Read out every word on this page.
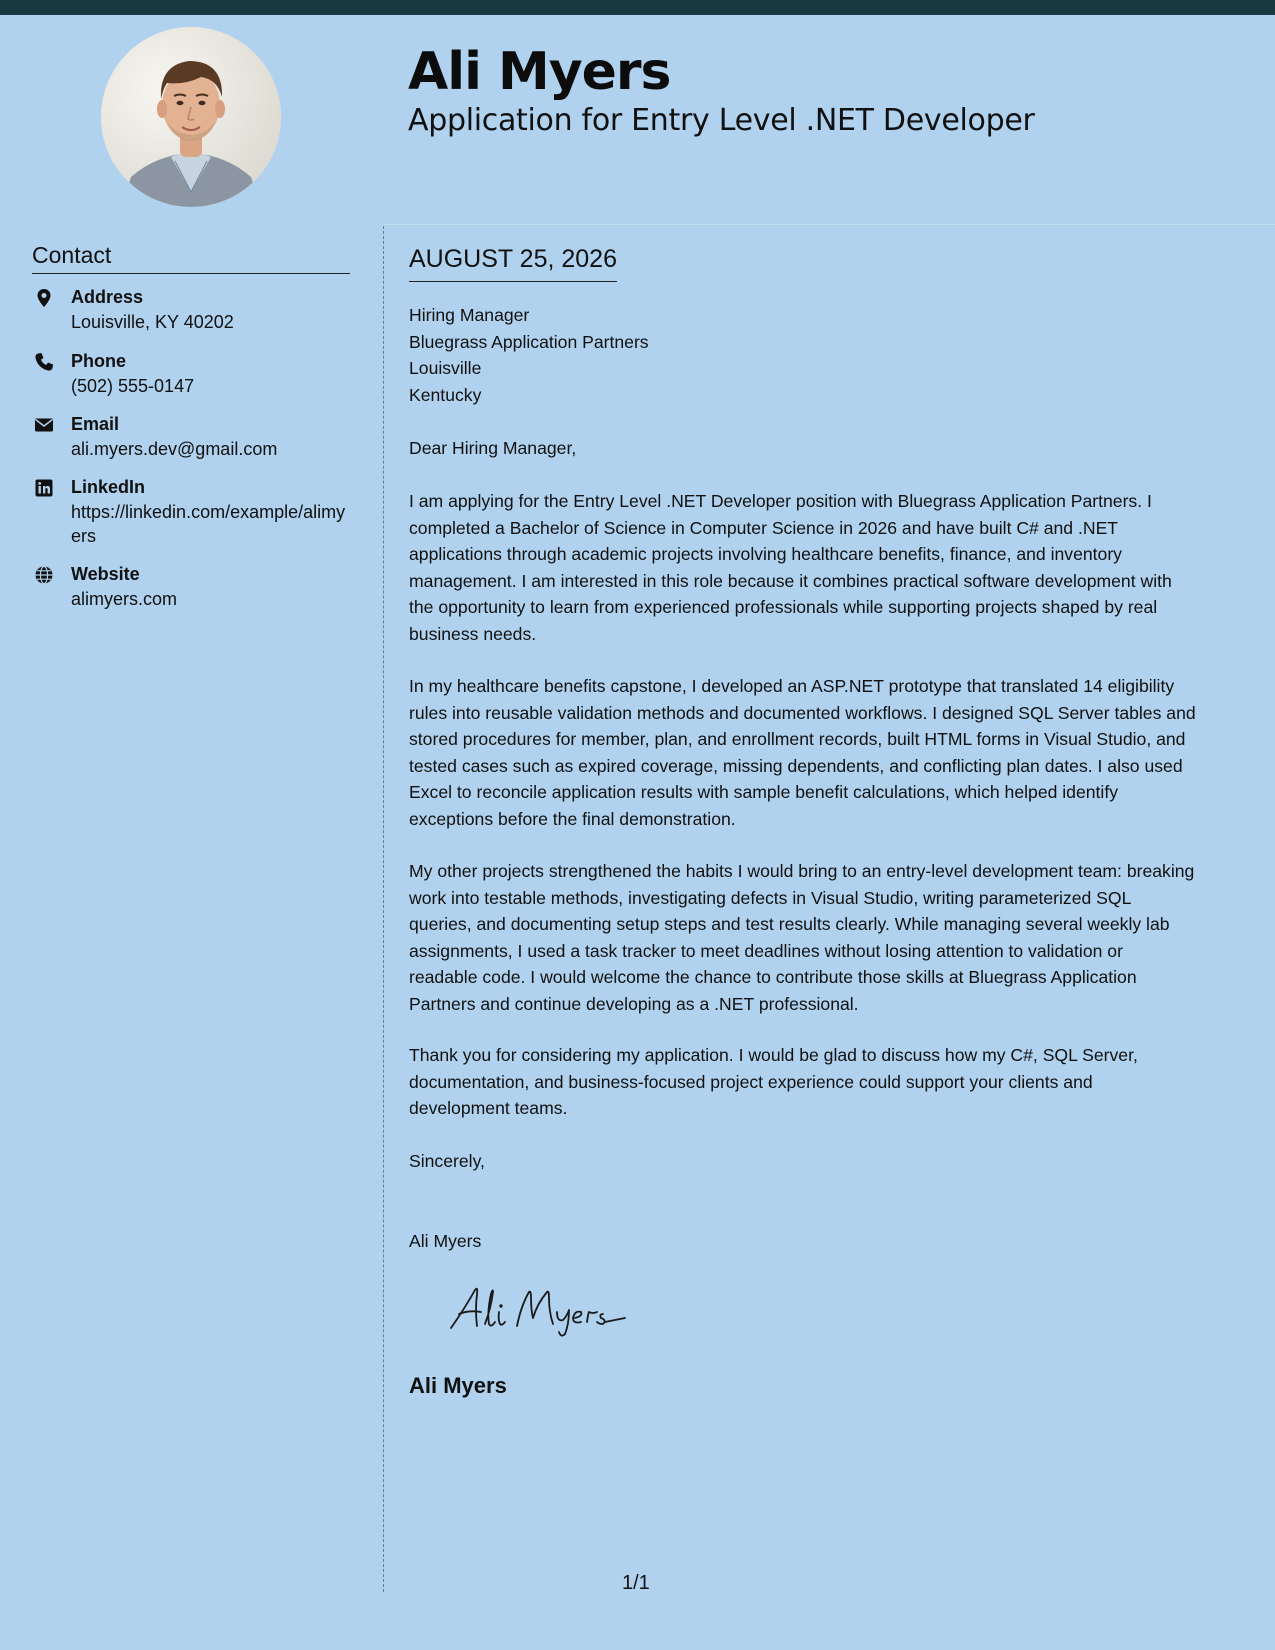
Ali Myers
Application for Entry Level .NET Developer
Contact
Address
Louisville, KY 40202
Phone
(502) 555-0147
Email
ali.myers.dev@gmail.com
LinkedIn
https://linkedin.com/example/alimyers
Website
alimyers.com
AUGUST 25, 2026
Hiring Manager
Bluegrass Application Partners
Louisville
Kentucky
Dear Hiring Manager,
I am applying for the Entry Level .NET Developer position with Bluegrass Application Partners. I
completed a Bachelor of Science in Computer Science in 2026 and have built C# and .NET
applications through academic projects involving healthcare benefits, finance, and inventory
management. I am interested in this role because it combines practical software development with
the opportunity to learn from experienced professionals while supporting projects shaped by real
business needs.
In my healthcare benefits capstone, I developed an ASP.NET prototype that translated 14 eligibility
rules into reusable validation methods and documented workflows. I designed SQL Server tables and
stored procedures for member, plan, and enrollment records, built HTML forms in Visual Studio, and
tested cases such as expired coverage, missing dependents, and conflicting plan dates. I also used
Excel to reconcile application results with sample benefit calculations, which helped identify
exceptions before the final demonstration.
My other projects strengthened the habits I would bring to an entry-level development team: breaking
work into testable methods, investigating defects in Visual Studio, writing parameterized SQL
queries, and documenting setup steps and test results clearly. While managing several weekly lab
assignments, I used a task tracker to meet deadlines without losing attention to validation or
readable code. I would welcome the chance to contribute those skills at Bluegrass Application
Partners and continue developing as a .NET professional.
Thank you for considering my application. I would be glad to discuss how my C#, SQL Server,
documentation, and business-focused project experience could support your clients and
development teams.
Sincerely,
Ali Myers
Ali Myers
1/1
